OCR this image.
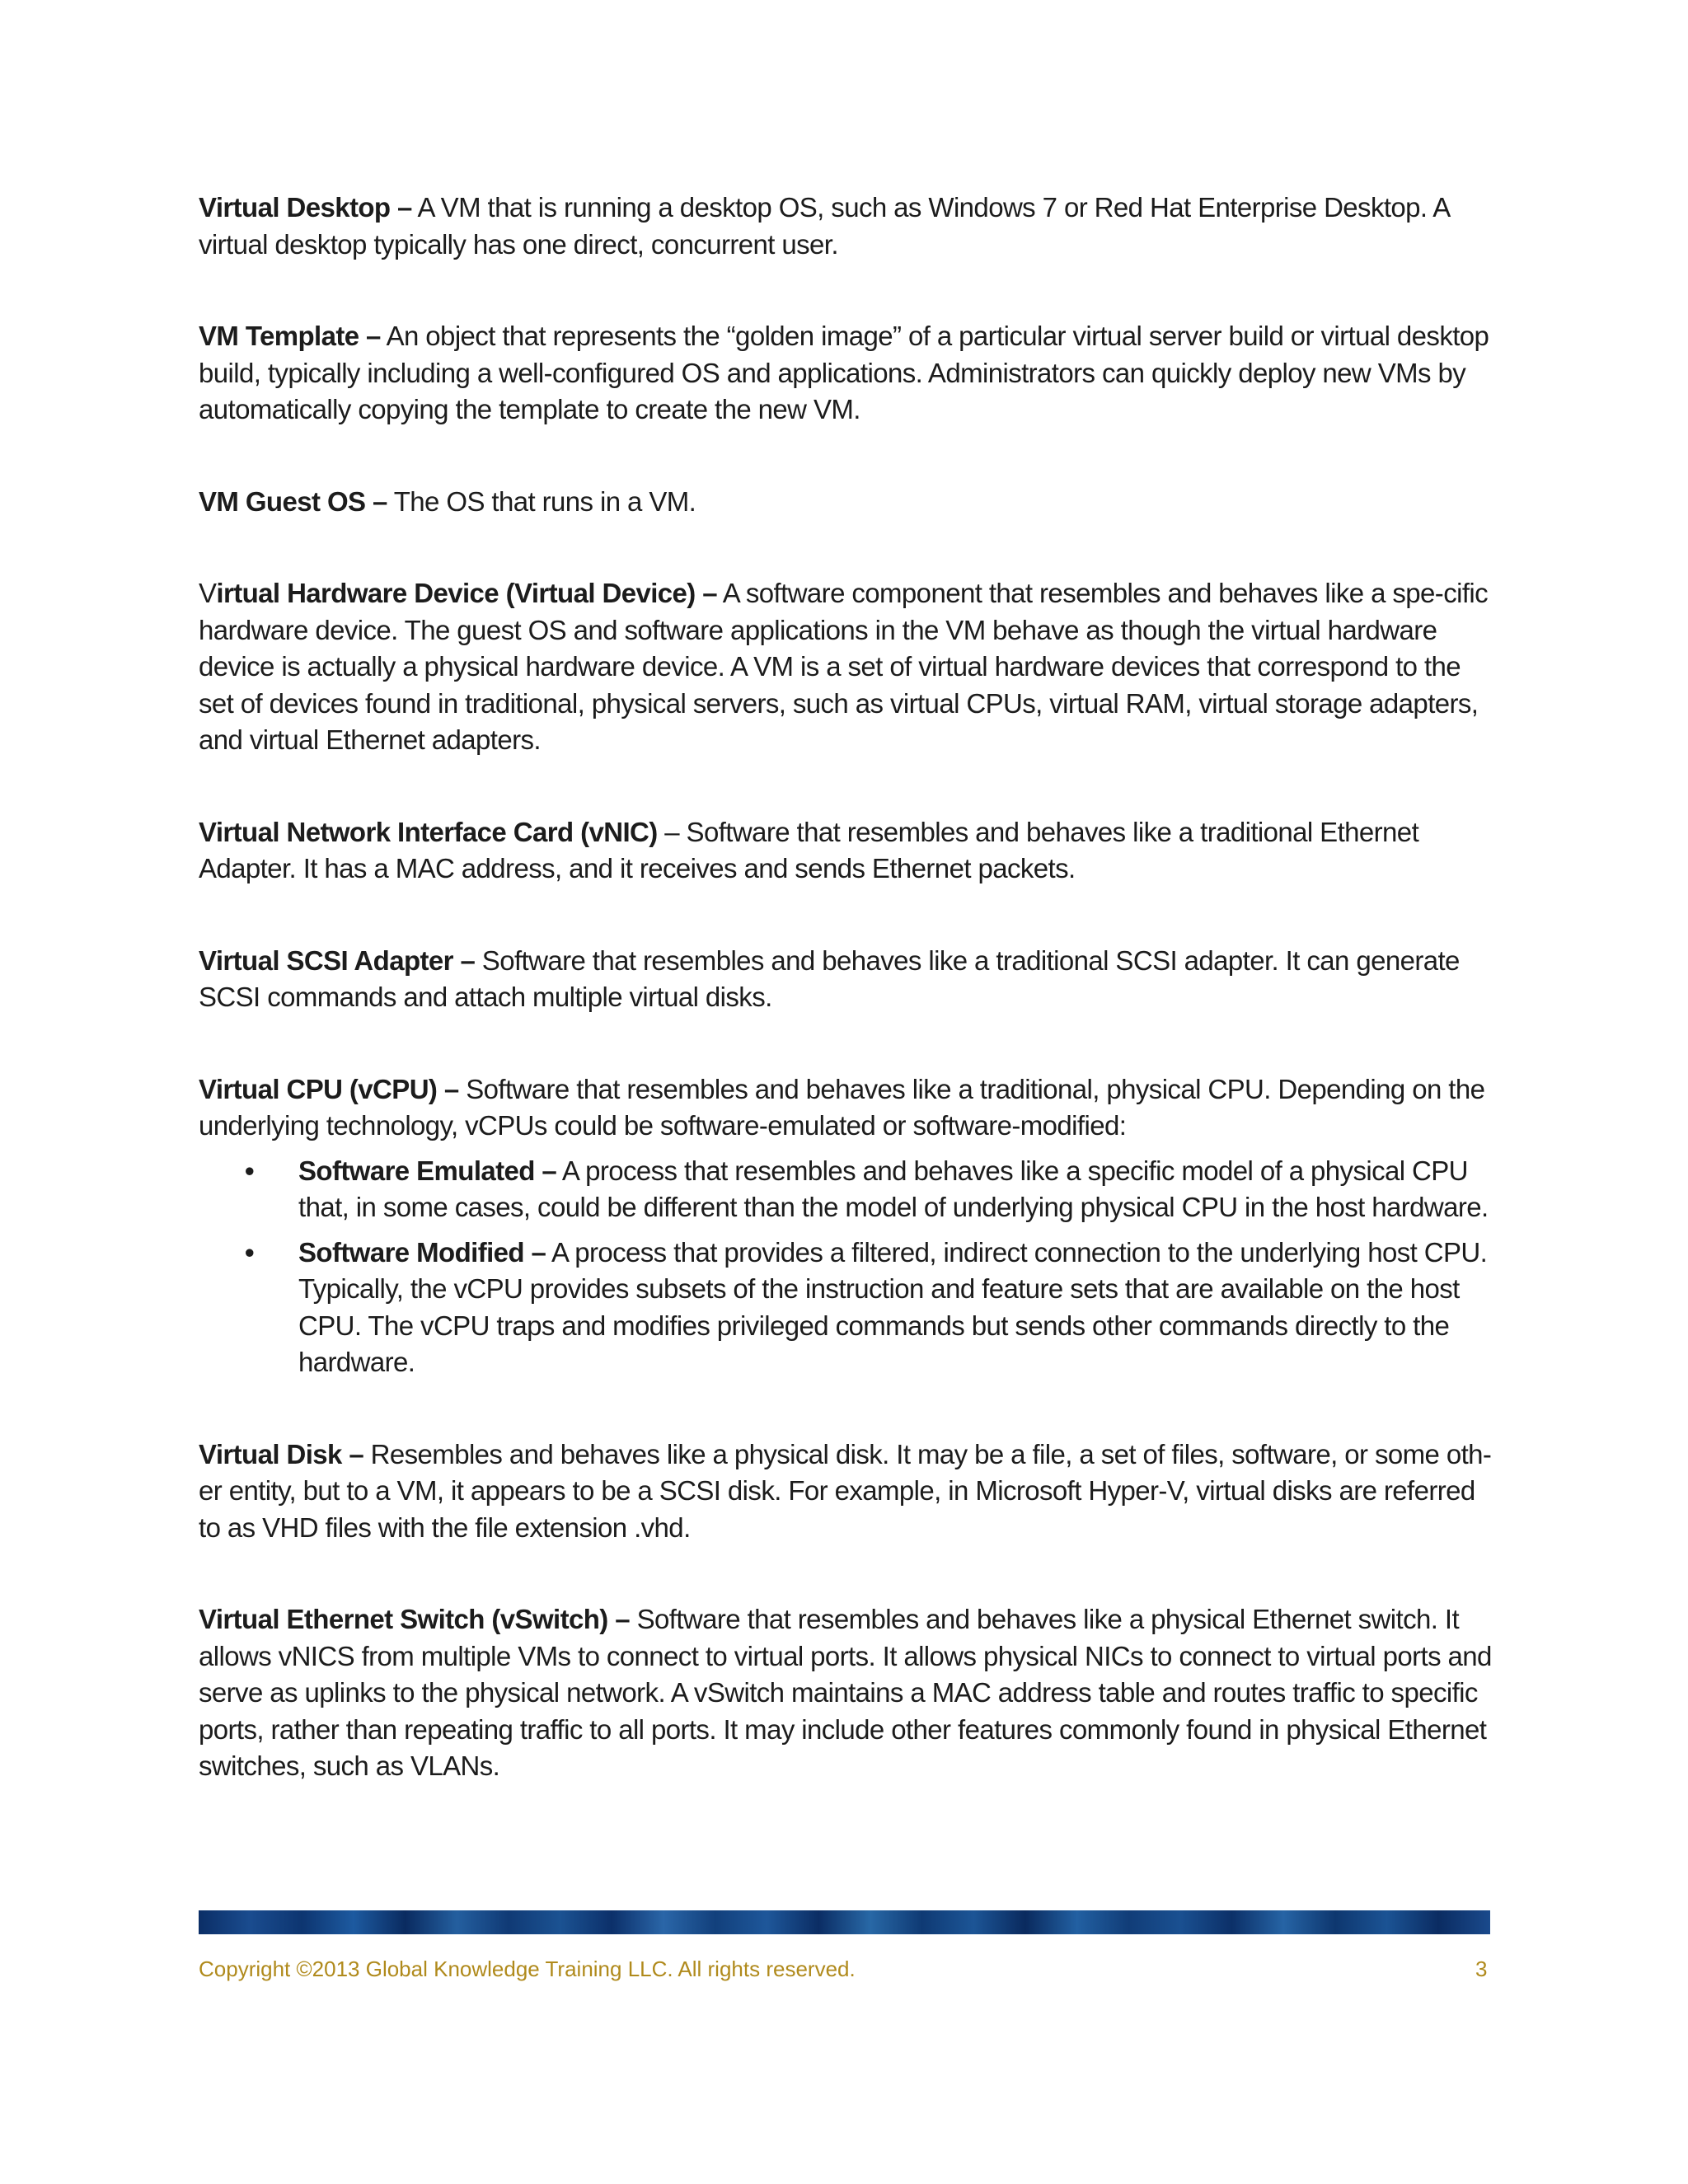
Virtual Desktop – A VM that is running a desktop OS, such as Windows 7 or Red Hat Enterprise Desktop. A virtual desktop typically has one direct, concurrent user.

VM Template – An object that represents the “golden image” of a particular virtual server build or virtual desktop build, typically including a well-configured OS and applications. Administrators can quickly deploy new VMs by automatically copying the template to create the new VM.

VM Guest OS – The OS that runs in a VM.

Virtual Hardware Device (Virtual Device) – A software component that resembles and behaves like a spe-cific hardware device. The guest OS and software applications in the VM behave as though the virtual hardware device is actually a physical hardware device. A VM is a set of virtual hardware devices that correspond to the set of devices found in traditional, physical servers, such as virtual CPUs, virtual RAM, virtual storage adapters, and virtual Ethernet adapters.

Virtual Network Interface Card (vNIC) – Software that resembles and behaves like a traditional Ethernet Adapter. It has a MAC address, and it receives and sends Ethernet packets.

Virtual SCSI Adapter – Software that resembles and behaves like a traditional SCSI adapter. It can generate SCSI commands and attach multiple virtual disks.

Virtual CPU (vCPU) – Software that resembles and behaves like a traditional, physical CPU. Depending on the underlying technology, vCPUs could be software-emulated or software-modified:
• Software Emulated – A process that resembles and behaves like a specific model of a physical CPU that, in some cases, could be different than the model of underlying physical CPU in the host hardware.
• Software Modified – A process that provides a filtered, indirect connection to the underlying host CPU. Typically, the vCPU provides subsets of the instruction and feature sets that are available on the host CPU. The vCPU traps and modifies privileged commands but sends other commands directly to the hardware.

Virtual Disk – Resembles and behaves like a physical disk. It may be a file, a set of files, software, or some oth-er entity, but to a VM, it appears to be a SCSI disk. For example, in Microsoft Hyper-V, virtual disks are referred to as VHD files with the file extension .vhd.

Virtual Ethernet Switch (vSwitch) – Software that resembles and behaves like a physical Ethernet switch. It allows vNICS from multiple VMs to connect to virtual ports. It allows physical NICs to connect to virtual ports and serve as uplinks to the physical network. A vSwitch maintains a MAC address table and routes traffic to specific ports, rather than repeating traffic to all ports. It may include other features commonly found in physical Ethernet switches, such as VLANs.

Copyright ©2013 Global Knowledge Training LLC. All rights reserved.	3
